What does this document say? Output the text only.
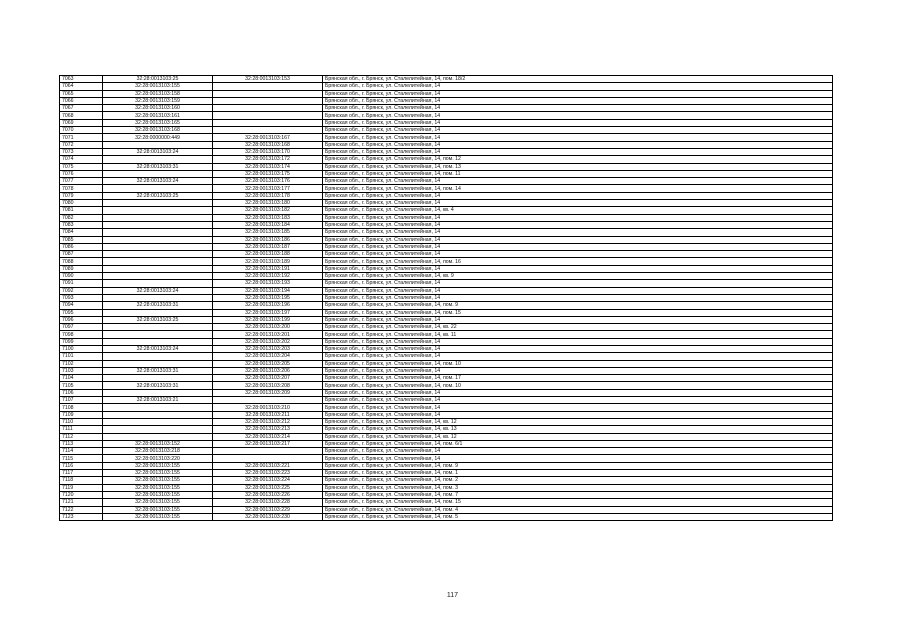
7063	32:28:0013103:25	32:28:0013103:153	Брянская обл., г. Брянск, ул. Сталелитейная, 14, пом. 18/2
7064	32:28:0013103:155		Брянская обл., г. Брянск, ул. Сталелитейная, 14
7065	32:28:0013103:158		Брянская обл., г. Брянск, ул. Сталелитейная, 14
7066	32:28:0013103:159		Брянская обл., г. Брянск, ул. Сталелитейная, 14
7067	32:28:0013103:160		Брянская обл., г. Брянск, ул. Сталелитейная, 14
7068	32:28:0013103:161		Брянская обл., г. Брянск, ул. Сталелитейная, 14
7069	32:28:0013103:165		Брянская обл., г. Брянск, ул. Сталелитейная, 14
7070	32:28:0013103:168		Брянская обл., г. Брянск, ул. Сталелитейная, 14
7071	32:28:0000000:449	32:28:0013103:167	Брянская обл., г. Брянск, ул. Сталелитейная, 14
7072		32:28:0013103:168	Брянская обл., г. Брянск, ул. Сталелитейная, 14
7073	32:28:0013103:24	32:28:0013103:170	Брянская обл., г. Брянск, ул. Сталелитейная, 14
7074		32:28:0013103:172	Брянская обл., г. Брянск, ул. Сталелитейная, 14, пом. 12
7075	32:28:0013103:31	32:28:0013103:174	Брянская обл., г. Брянск, ул. Сталелитейная, 14, пом. 13
7076		32:28:0013103:175	Брянская обл., г. Брянск, ул. Сталелитейная, 14, пом. 11
7077	32:28:0013103:24	32:28:0013103:176	Брянская обл., г. Брянск, ул. Сталелитейная, 14
7078		32:28:0013103:177	Брянская обл., г. Брянск, ул. Сталелитейная, 14, пом. 14
7079	32:28:0013103:25	32:28:0013103:178	Брянская обл., г. Брянск, ул. Сталелитейная, 14
7080		32:28:0013103:180	Брянская обл., г. Брянск, ул. Сталелитейная, 14
7081		32:28:0013103:182	Брянская обл., г. Брянск, ул. Сталелитейная, 14, кв. 4
7082		32:28:0013103:183	Брянская обл., г. Брянск, ул. Сталелитейная, 14
7083		32:28:0013103:184	Брянская обл., г. Брянск, ул. Сталелитейная, 14
7084		32:28:0013103:185	Брянская обл., г. Брянск, ул. Сталелитейная, 14
7085		32:28:0013103:186	Брянская обл., г. Брянск, ул. Сталелитейная, 14
7086		32:28:0013103:187	Брянская обл., г. Брянск, ул. Сталелитейная, 14
7087		32:28:0013103:188	Брянская обл., г. Брянск, ул. Сталелитейная, 14
7088		32:28:0013103:189	Брянская обл., г. Брянск, ул. Сталелитейная, 14, пом. 16
7089		32:28:0013103:191	Брянская обл., г. Брянск, ул. Сталелитейная, 14
7090		32:28:0013103:192	Брянская обл., г. Брянск, ул. Сталелитейная, 14, кв. 9
7091		32:28:0013103:193	Брянская обл., г. Брянск, ул. Сталелитейная, 14
7092	32:28:0013103:24	32:28:0013103:194	Брянская обл., г. Брянск, ул. Сталелитейная, 14
7093		32:28:0013103:195	Брянская обл., г. Брянск, ул. Сталелитейная, 14
7094	32:28:0013103:31	32:28:0013103:196	Брянская обл., г. Брянск, ул. Сталелитейная, 14, пом. 9
7095		32:28:0013103:197	Брянская обл., г. Брянск, ул. Сталелитейная, 14, пом. 15
7096	32:28:0013103:25	32:28:0013103:199	Брянская обл., г. Брянск, ул. Сталелитейная, 14
7097		32:28:0013103:200	Брянская обл., г. Брянск, ул. Сталелитейная, 14, кв. 22
7098		32:28:0013103:201	Брянская обл., г. Брянск, ул. Сталелитейная, 14, кв. 11
7099		32:28:0013103:202	Брянская обл., г. Брянск, ул. Сталелитейная, 14
7100	32:28:0013103:24	32:28:0013103:203	Брянская обл., г. Брянск, ул. Сталелитейная, 14
7101		32:28:0013103:204	Брянская обл., г. Брянск, ул. Сталелитейная, 14
7102		32:28:0013103:205	Брянская обл., г. Брянск, ул. Сталелитейная, 14, пом. 10
7103	32:28:0013103:31	32:28:0013103:206	Брянская обл., г. Брянск, ул. Сталелитейная, 14
7104		32:28:0013103:207	Брянская обл., г. Брянск, ул. Сталелитейная, 14, пом. 17
7105	32:28:0013103:31	32:28:0013103:208	Брянская обл., г. Брянск, ул. Сталелитейная, 14, пом. 10
7106		32:28:0013103:209	Брянская обл., г. Брянск, ул. Сталелитейная, 14
7107	32:28:0013103:21		Брянская обл., г. Брянск, ул. Сталелитейная, 14
7108		32:28:0013103:210	Брянская обл., г. Брянск, ул. Сталелитейная, 14
7109		32:28:0013103:211	Брянская обл., г. Брянск, ул. Сталелитейная, 14
7110		32:28:0013103:212	Брянская обл., г. Брянск, ул. Сталелитейная, 14, кв. 12
7111		32:28:0013103:213	Брянская обл., г. Брянск, ул. Сталелитейная, 14, кв. 13
7112		32:28:0013103:214	Брянская обл., г. Брянск, ул. Сталелитейная, 14, кв. 12
7113	32:28:0013103:152	32:28:0013103:217	Брянская обл., г. Брянск, ул. Сталелитейная, 14, пом. 6/1
7114	32:28:0013103:218		Брянская обл., г. Брянск, ул. Сталелитейная, 14
7115	32:28:0013103:220		Брянская обл., г. Брянск, ул. Сталелитейная, 14
7116	32:28:0013103:155	32:28:0013103:221	Брянская обл., г. Брянск, ул. Сталелитейная, 14, пом. 9
7117	32:28:0013103:155	32:28:0013103:223	Брянская обл., г. Брянск, ул. Сталелитейная, 14, пом. 1
7118	32:28:0013103:155	32:28:0013103:224	Брянская обл., г. Брянск, ул. Сталелитейная, 14, пом. 2
7119	32:28:0013103:155	32:28:0013103:225	Брянская обл., г. Брянск, ул. Сталелитейная, 14, пом. 3
7120	32:28:0013103:155	32:28:0013103:226	Брянская обл., г. Брянск, ул. Сталелитейная, 14, пом. 7
7121	32:28:0013103:155	32:28:0013103:228	Брянская обл., г. Брянск, ул. Сталелитейная, 14, пом. 15
7122	32:28:0013103:155	32:28:0013103:229	Брянская обл., г. Брянск, ул. Сталелитейная, 14, пом. 4
7123	32:28:0013103:155	32:28:0013103:230	Брянская обл., г. Брянск, ул. Сталелитейная, 14, пом. 5
117
